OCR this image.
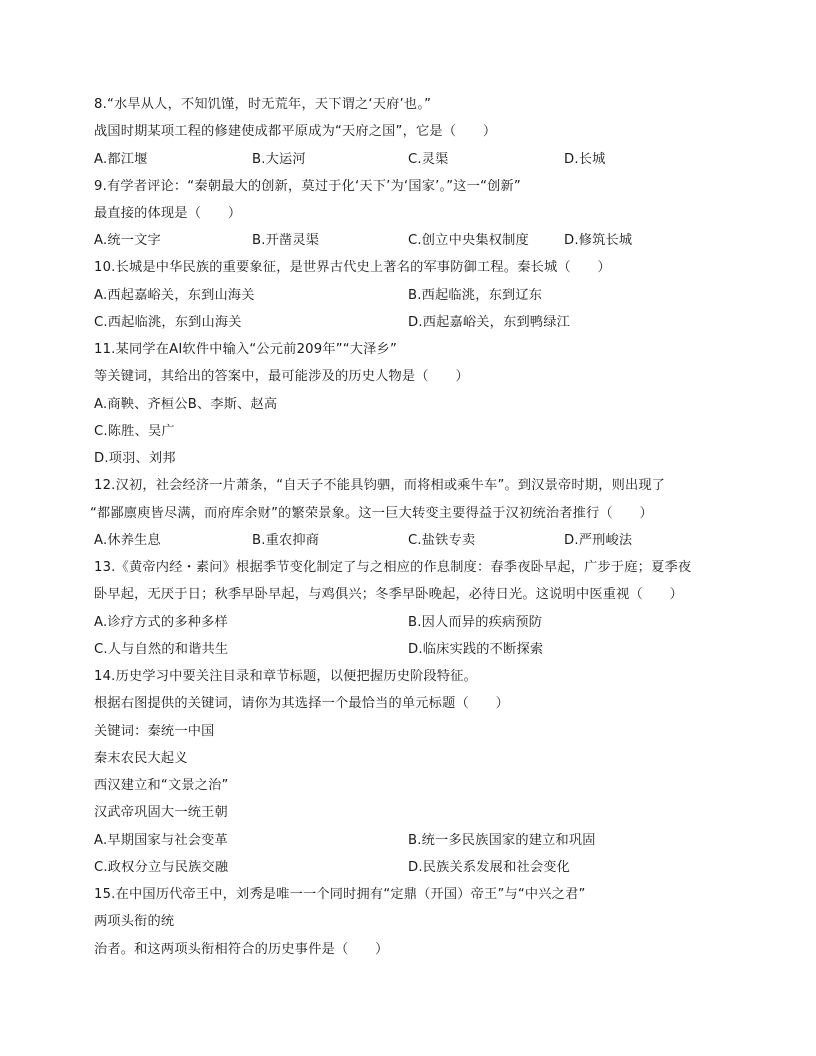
8.“水旱从人，不知饥馑，时无荒年，天下谓之‘天府’也。”
战国时期某项工程的修建使成都平原成为“天府之国”，它是（　　）
A.都江堰	B.大运河	C.灵渠	D.长城
9.有学者评论：“秦朝最大的创新，莫过于化‘天下’为‘国家’。”这一“创新”
最直接的体现是（　　）
A.统一文字	B.开凿灵渠	C.创立中央集权制度	D.修筑长城
10.长城是中华民族的重要象征，是世界古代史上著名的军事防御工程。秦长城（　　）
A.西起嘉峪关，东到山海关	B.西起临洮，东到辽东
C.西起临洮，东到山海关	D.西起嘉峪关，东到鸭绿江
11.某同学在AI软件中输入“公元前209年”“大泽乡”
等关键词，其给出的答案中，最可能涉及的历史人物是（　　）
A.商鞅、齐桓公B、李斯、赵高
C.陈胜、吴广
D.项羽、刘邦
12.汉初，社会经济一片萧条，“自天子不能具钧驷，而将相或乘牛车”。到汉景帝时期，则出现了
“都鄙廪庾皆尽满，而府库余财”的繁荣景象。这一巨大转变主要得益于汉初统治者推行（　　）
A.休养生息	B.重农抑商	C.盐铁专卖	D.严刑峻法
13.《黄帝内经・素问》根据季节变化制定了与之相应的作息制度：春季夜卧早起，广步于庭；夏季夜
卧早起，无厌于日；秋季早卧早起，与鸡俱兴；冬季早卧晚起，必待日光。这说明中医重视（　　）
A.诊疗方式的多种多样	B.因人而异的疾病预防
C.人与自然的和谐共生	D.临床实践的不断探索
14.历史学习中要关注目录和章节标题，以便把握历史阶段特征。
根据右图提供的关键词，请你为其选择一个最恰当的单元标题（　　）
关键词：秦统一中国
秦末农民大起义
西汉建立和“文景之治”
汉武帝巩固大一统王朝
A.早期国家与社会变革	B.统一多民族国家的建立和巩固
C.政权分立与民族交融	D.民族关系发展和社会变化
15.在中国历代帝王中，刘秀是唯一一个同时拥有“定鼎（开国）帝王”与“中兴之君”
两项头衔的统
治者。和这两项头衔相符合的历史事件是（　　）
